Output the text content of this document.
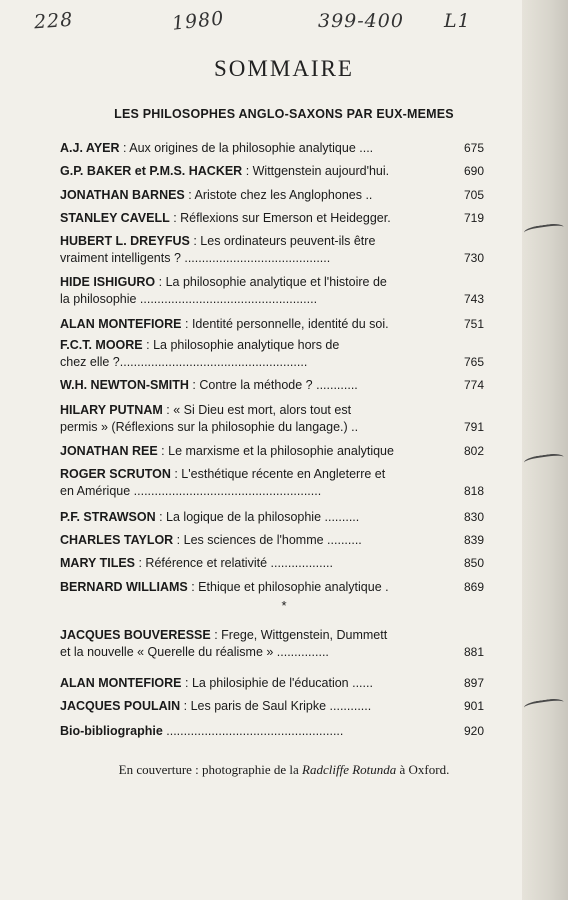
228	1980	399-400 L1
SOMMAIRE
LES PHILOSOPHES ANGLO-SAXONS PAR EUX-MEMES
A.J. AYER : Aux origines de la philosophie analytique ....	675
G.P. BAKER et P.M.S. HACKER : Wittgenstein aujourd'hui.	690
JONATHAN BARNES : Aristote chez les Anglophones ..	705
STANLEY CAVELL : Réflexions sur Emerson et Heidegger.	719
HUBERT L. DREYFUS : Les ordinateurs peuvent-ils être
vraiment intelligents ? ..........................................	730
HIDE ISHIGURO : La philosophie analytique et l'histoire de
la philosophie ...................................................	743
ALAN MONTEFIORE : Identité personnelle, identité du soi.	751
F.C.T. MOORE : La philosophie analytique hors de
chez elle ?......................................................	765
W.H. NEWTON-SMITH : Contre la méthode ? ............	774
HILARY PUTNAM : « Si Dieu est mort, alors tout est
permis » (Réflexions sur la philosophie du langage.) ..	791
JONATHAN REE : Le marxisme et la philosophie analytique	802
ROGER SCRUTON : L'esthétique récente en Angleterre et
en Amérique ......................................................	818
P.F. STRAWSON : La logique de la philosophie ..........	830
CHARLES TAYLOR : Les sciences de l'homme ..........	839
MARY TILES : Référence et relativité ..................	850
BERNARD WILLIAMS : Ethique et philosophie analytique .	869
JACQUES BOUVERESSE : Frege, Wittgenstein, Dummett
et la nouvelle « Querelle du réalisme » ...............	881
ALAN MONTEFIORE : La philosiphie de l'éducation ......	897
JACQUES POULAIN : Les paris de Saul Kripke ............	901
Bio-bibliographie ...................................................	920
*
En couverture : photographie de la Radcliffe Rotunda à Oxford.
